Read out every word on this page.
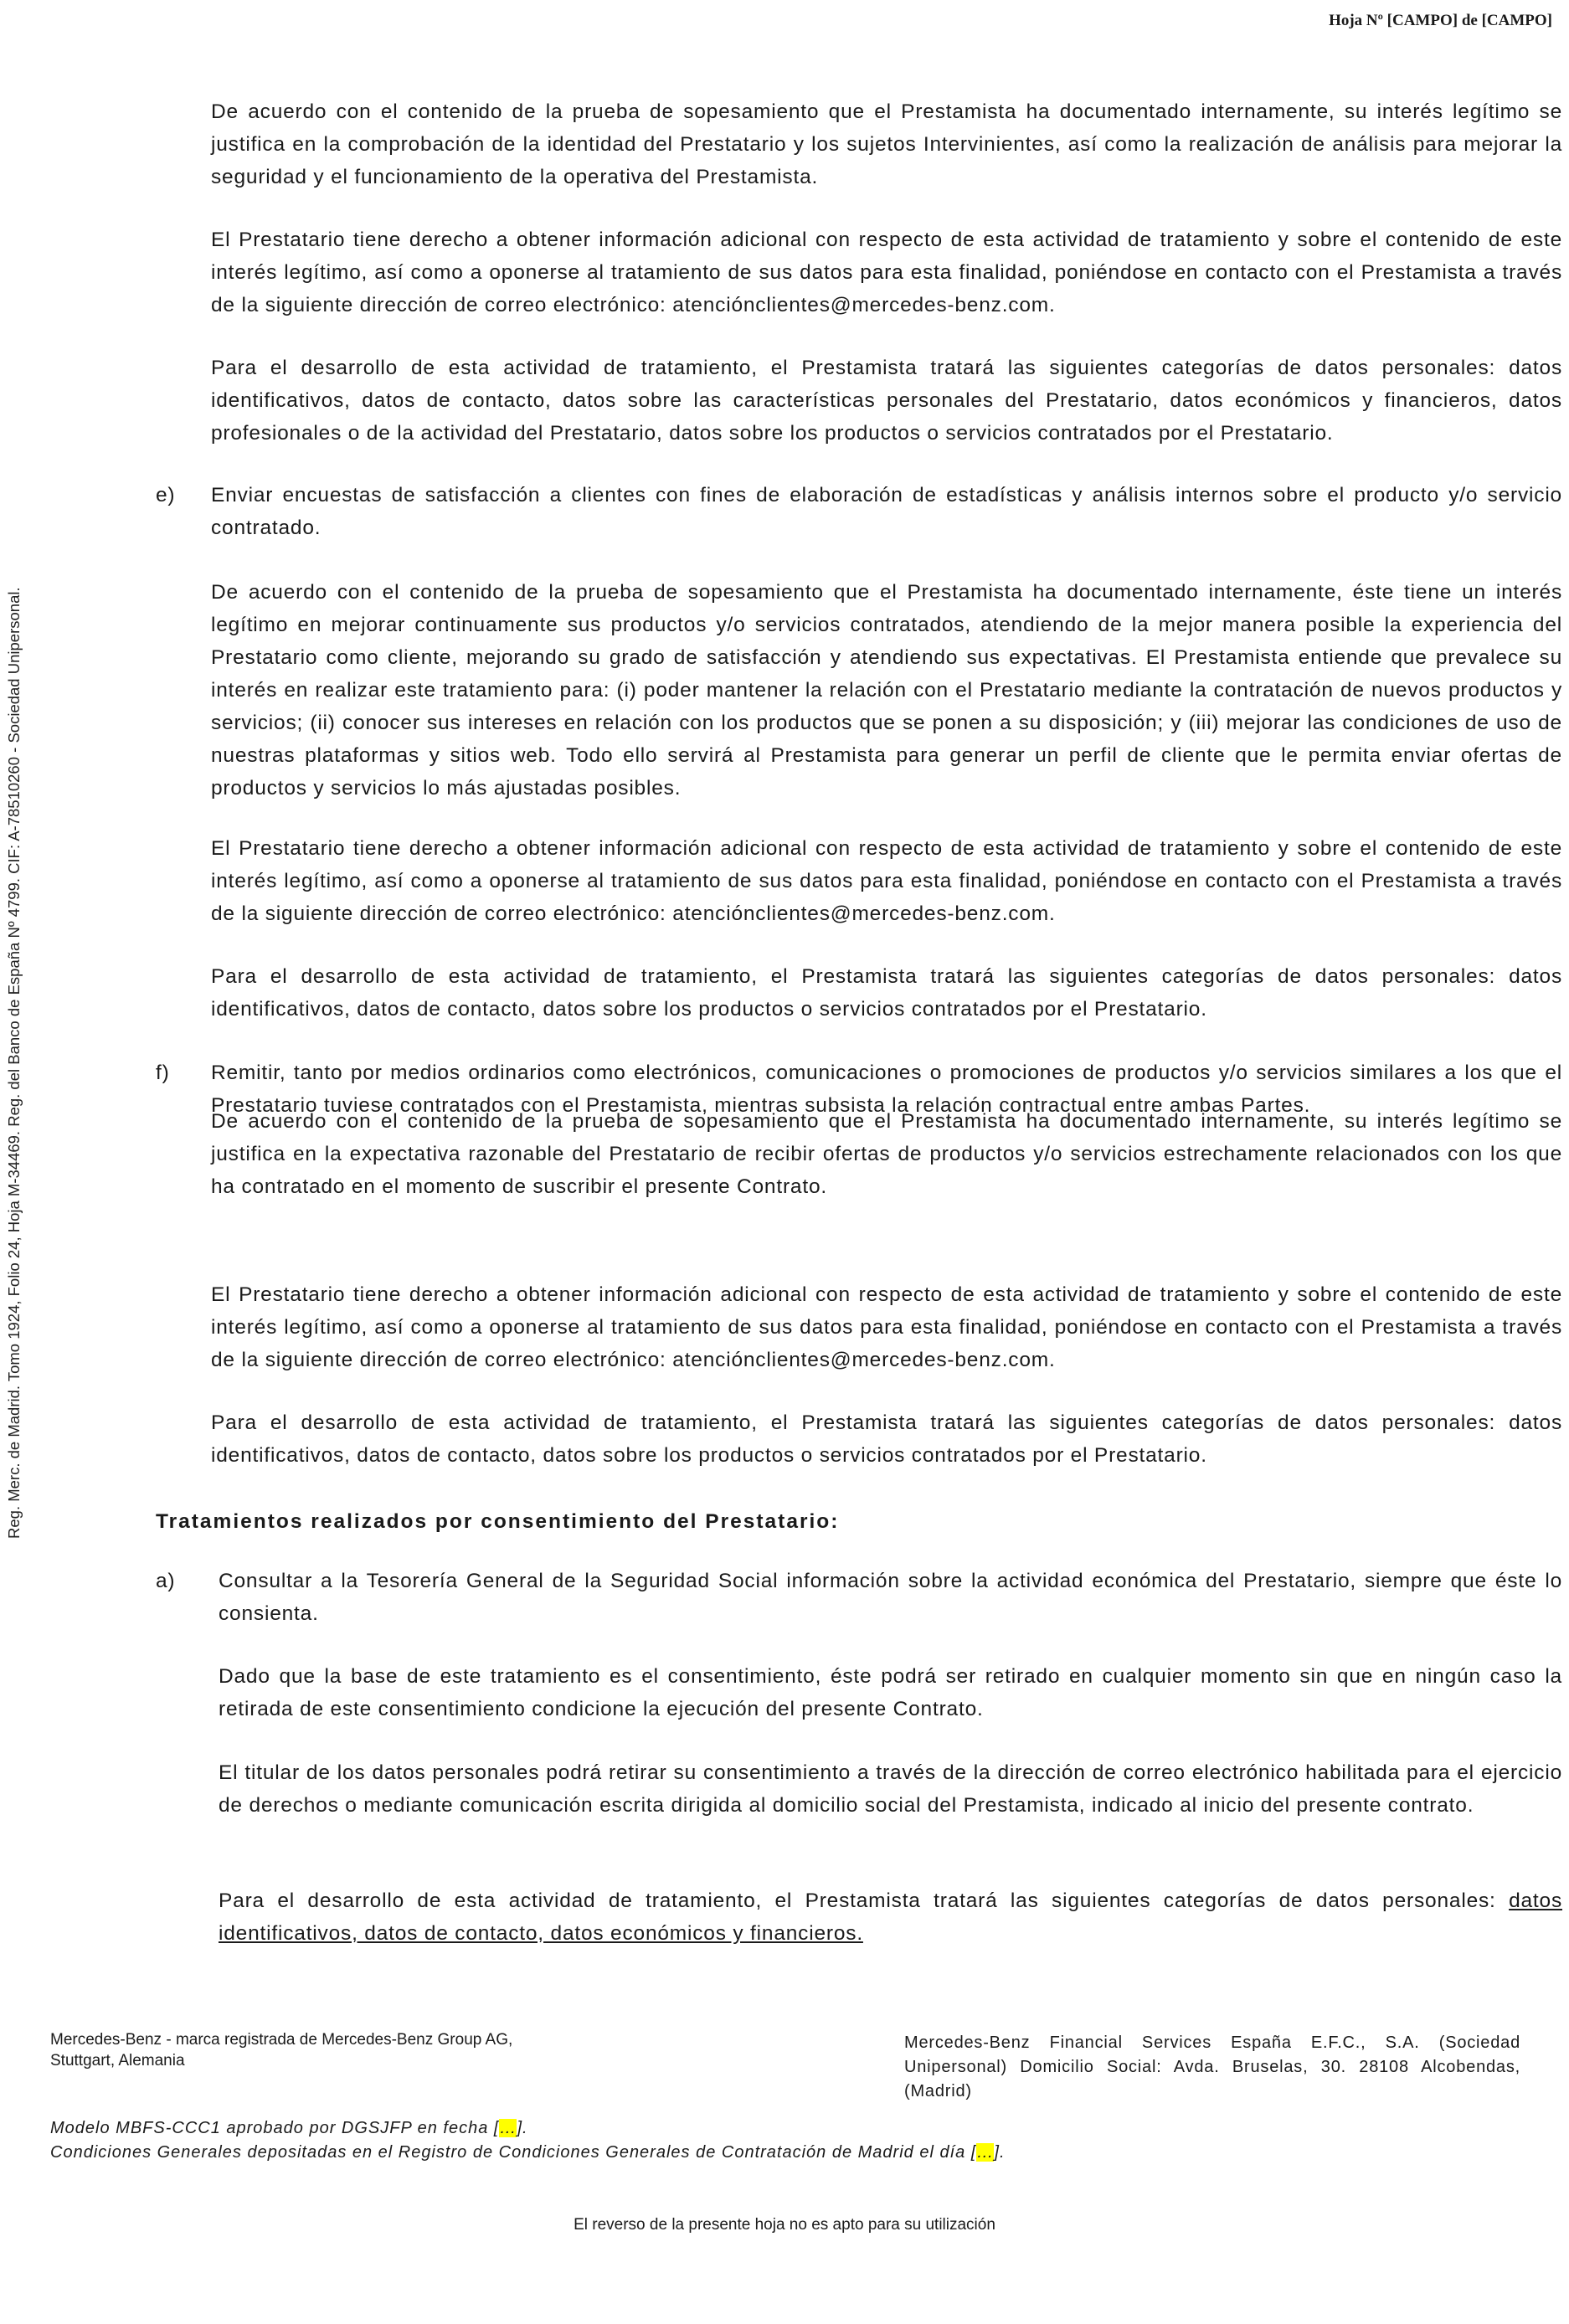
Hoja Nº [CAMPO] de [CAMPO]
Reg. Merc. de Madrid. Tomo 1924, Folio 24, Hoja M-34469. Reg. del Banco de España Nº 4799. CIF: A-78510260 - Sociedad Unipersonal.

De acuerdo con el contenido de la prueba de sopesamiento que el Prestamista ha documentado internamente, su interés legítimo se justifica en la comprobación de la identidad del Prestatario y los sujetos Intervinientes, así como la realización de análisis para mejorar la seguridad y el funcionamiento de la operativa del Prestamista.

El Prestatario tiene derecho a obtener información adicional con respecto de esta actividad de tratamiento y sobre el contenido de este interés legítimo, así como a oponerse al tratamiento de sus datos para esta finalidad, poniéndose en contacto con el Prestamista a través de la siguiente dirección de correo electrónico: atenciónclientes@mercedes-benz.com.

Para el desarrollo de esta actividad de tratamiento, el Prestamista tratará las siguientes categorías de datos personales: datos identificativos, datos de contacto, datos sobre las características personales del Prestatario, datos económicos y financieros, datos profesionales o de la actividad del Prestatario, datos sobre los productos o servicios contratados por el Prestatario.

e) Enviar encuestas de satisfacción a clientes con fines de elaboración de estadísticas y análisis internos sobre el producto y/o servicio contratado.

De acuerdo con el contenido de la prueba de sopesamiento que el Prestamista ha documentado internamente, éste tiene un interés legítimo en mejorar continuamente sus productos y/o servicios contratados, atendiendo de la mejor manera posible la experiencia del Prestatario como cliente, mejorando su grado de satisfacción y atendiendo sus expectativas. El Prestamista entiende que prevalece su interés en realizar este tratamiento para: (i) poder mantener la relación con el Prestatario mediante la contratación de nuevos productos y servicios; (ii) conocer sus intereses en relación con los productos que se ponen a su disposición; y (iii) mejorar las condiciones de uso de nuestras plataformas y sitios web. Todo ello servirá al Prestamista para generar un perfil de cliente que le permita enviar ofertas de productos y servicios lo más ajustadas posibles.

El Prestatario tiene derecho a obtener información adicional con respecto de esta actividad de tratamiento y sobre el contenido de este interés legítimo, así como a oponerse al tratamiento de sus datos para esta finalidad, poniéndose en contacto con el Prestamista a través de la siguiente dirección de correo electrónico: atenciónclientes@mercedes-benz.com.

Para el desarrollo de esta actividad de tratamiento, el Prestamista tratará las siguientes categorías de datos personales: datos identificativos, datos de contacto, datos sobre los productos o servicios contratados por el Prestatario.

f) Remitir, tanto por medios ordinarios como electrónicos, comunicaciones o promociones de productos y/o servicios similares a los que el Prestatario tuviese contratados con el Prestamista, mientras subsista la relación contractual entre ambas Partes.

De acuerdo con el contenido de la prueba de sopesamiento que el Prestamista ha documentado internamente, su interés legítimo se justifica en la expectativa razonable del Prestatario de recibir ofertas de productos y/o servicios estrechamente relacionados con los que ha contratado en el momento de suscribir el presente Contrato.

El Prestatario tiene derecho a obtener información adicional con respecto de esta actividad de tratamiento y sobre el contenido de este interés legítimo, así como a oponerse al tratamiento de sus datos para esta finalidad, poniéndose en contacto con el Prestamista a través de la siguiente dirección de correo electrónico: atenciónclientes@mercedes-benz.com.

Para el desarrollo de esta actividad de tratamiento, el Prestamista tratará las siguientes categorías de datos personales: datos identificativos, datos de contacto, datos sobre los productos o servicios contratados por el Prestatario.

Tratamientos realizados por consentimiento del Prestatario:
a) Consultar a la Tesorería General de la Seguridad Social información sobre la actividad económica del Prestatario, siempre que éste lo consienta.

Dado que la base de este tratamiento es el consentimiento, éste podrá ser retirado en cualquier momento sin que en ningún caso la retirada de este consentimiento condicione la ejecución del presente Contrato.

El titular de los datos personales podrá retirar su consentimiento a través de la dirección de correo electrónico habilitada para el ejercicio de derechos o mediante comunicación escrita dirigida al domicilio social del Prestamista, indicado al inicio del presente contrato.

Para el desarrollo de esta actividad de tratamiento, el Prestamista tratará las siguientes categorías de datos personales: datos identificativos, datos de contacto, datos económicos y financieros.

Mercedes-Benz - marca registrada de Mercedes-Benz Group AG,
Stuttgart, Alemania
Mercedes-Benz Financial Services España E.F.C., S.A. (Sociedad Unipersonal) Domicilio Social: Avda. Bruselas, 30. 28108 Alcobendas, (Madrid)
Modelo MBFS-CCC1 aprobado por DGSJFP en fecha […].
Condiciones Generales depositadas en el Registro de Condiciones Generales de Contratación de Madrid el día […].
El reverso de la presente hoja no es apto para su utilización
